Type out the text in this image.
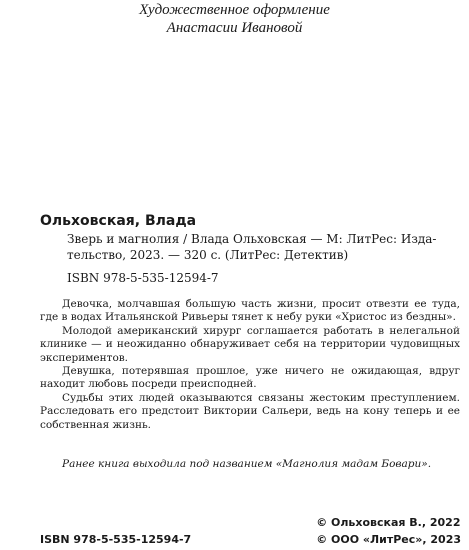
Художественное оформление
Анастасии Ивановой
Ольховская, Влада
Зверь и магнолия / Влада Ольховская — М: ЛитРес: Изда-
тельство, 2023. — 320 с. (ЛитРес: Детектив)
ISBN 978-5-535-12594-7

Девочка, молчавшая большую часть жизни, просит отвезти ее туда, где в водах Итальянской Ривьеры тянет к небу руки «Христос из бездны».

Молодой американский хирург соглашается работать в нелегальной клинике — и неожиданно обнаруживает себя на территории чудовищных экспериментов.

Девушка, потерявшая прошлое, уже ничего не ожидающая, вдруг находит любовь посреди преисподней.

Судьбы этих людей оказываются связаны жестоким преступлением. Расследовать его предстоит Виктории Сальери, ведь на кону теперь и ее собственная жизнь.

Ранее книга выходила под названием «Магнолия мадам Бовари».
ISBN 978-5-535-12594-7
© Ольховская В., 2022
© ООО «ЛитРес», 2023
